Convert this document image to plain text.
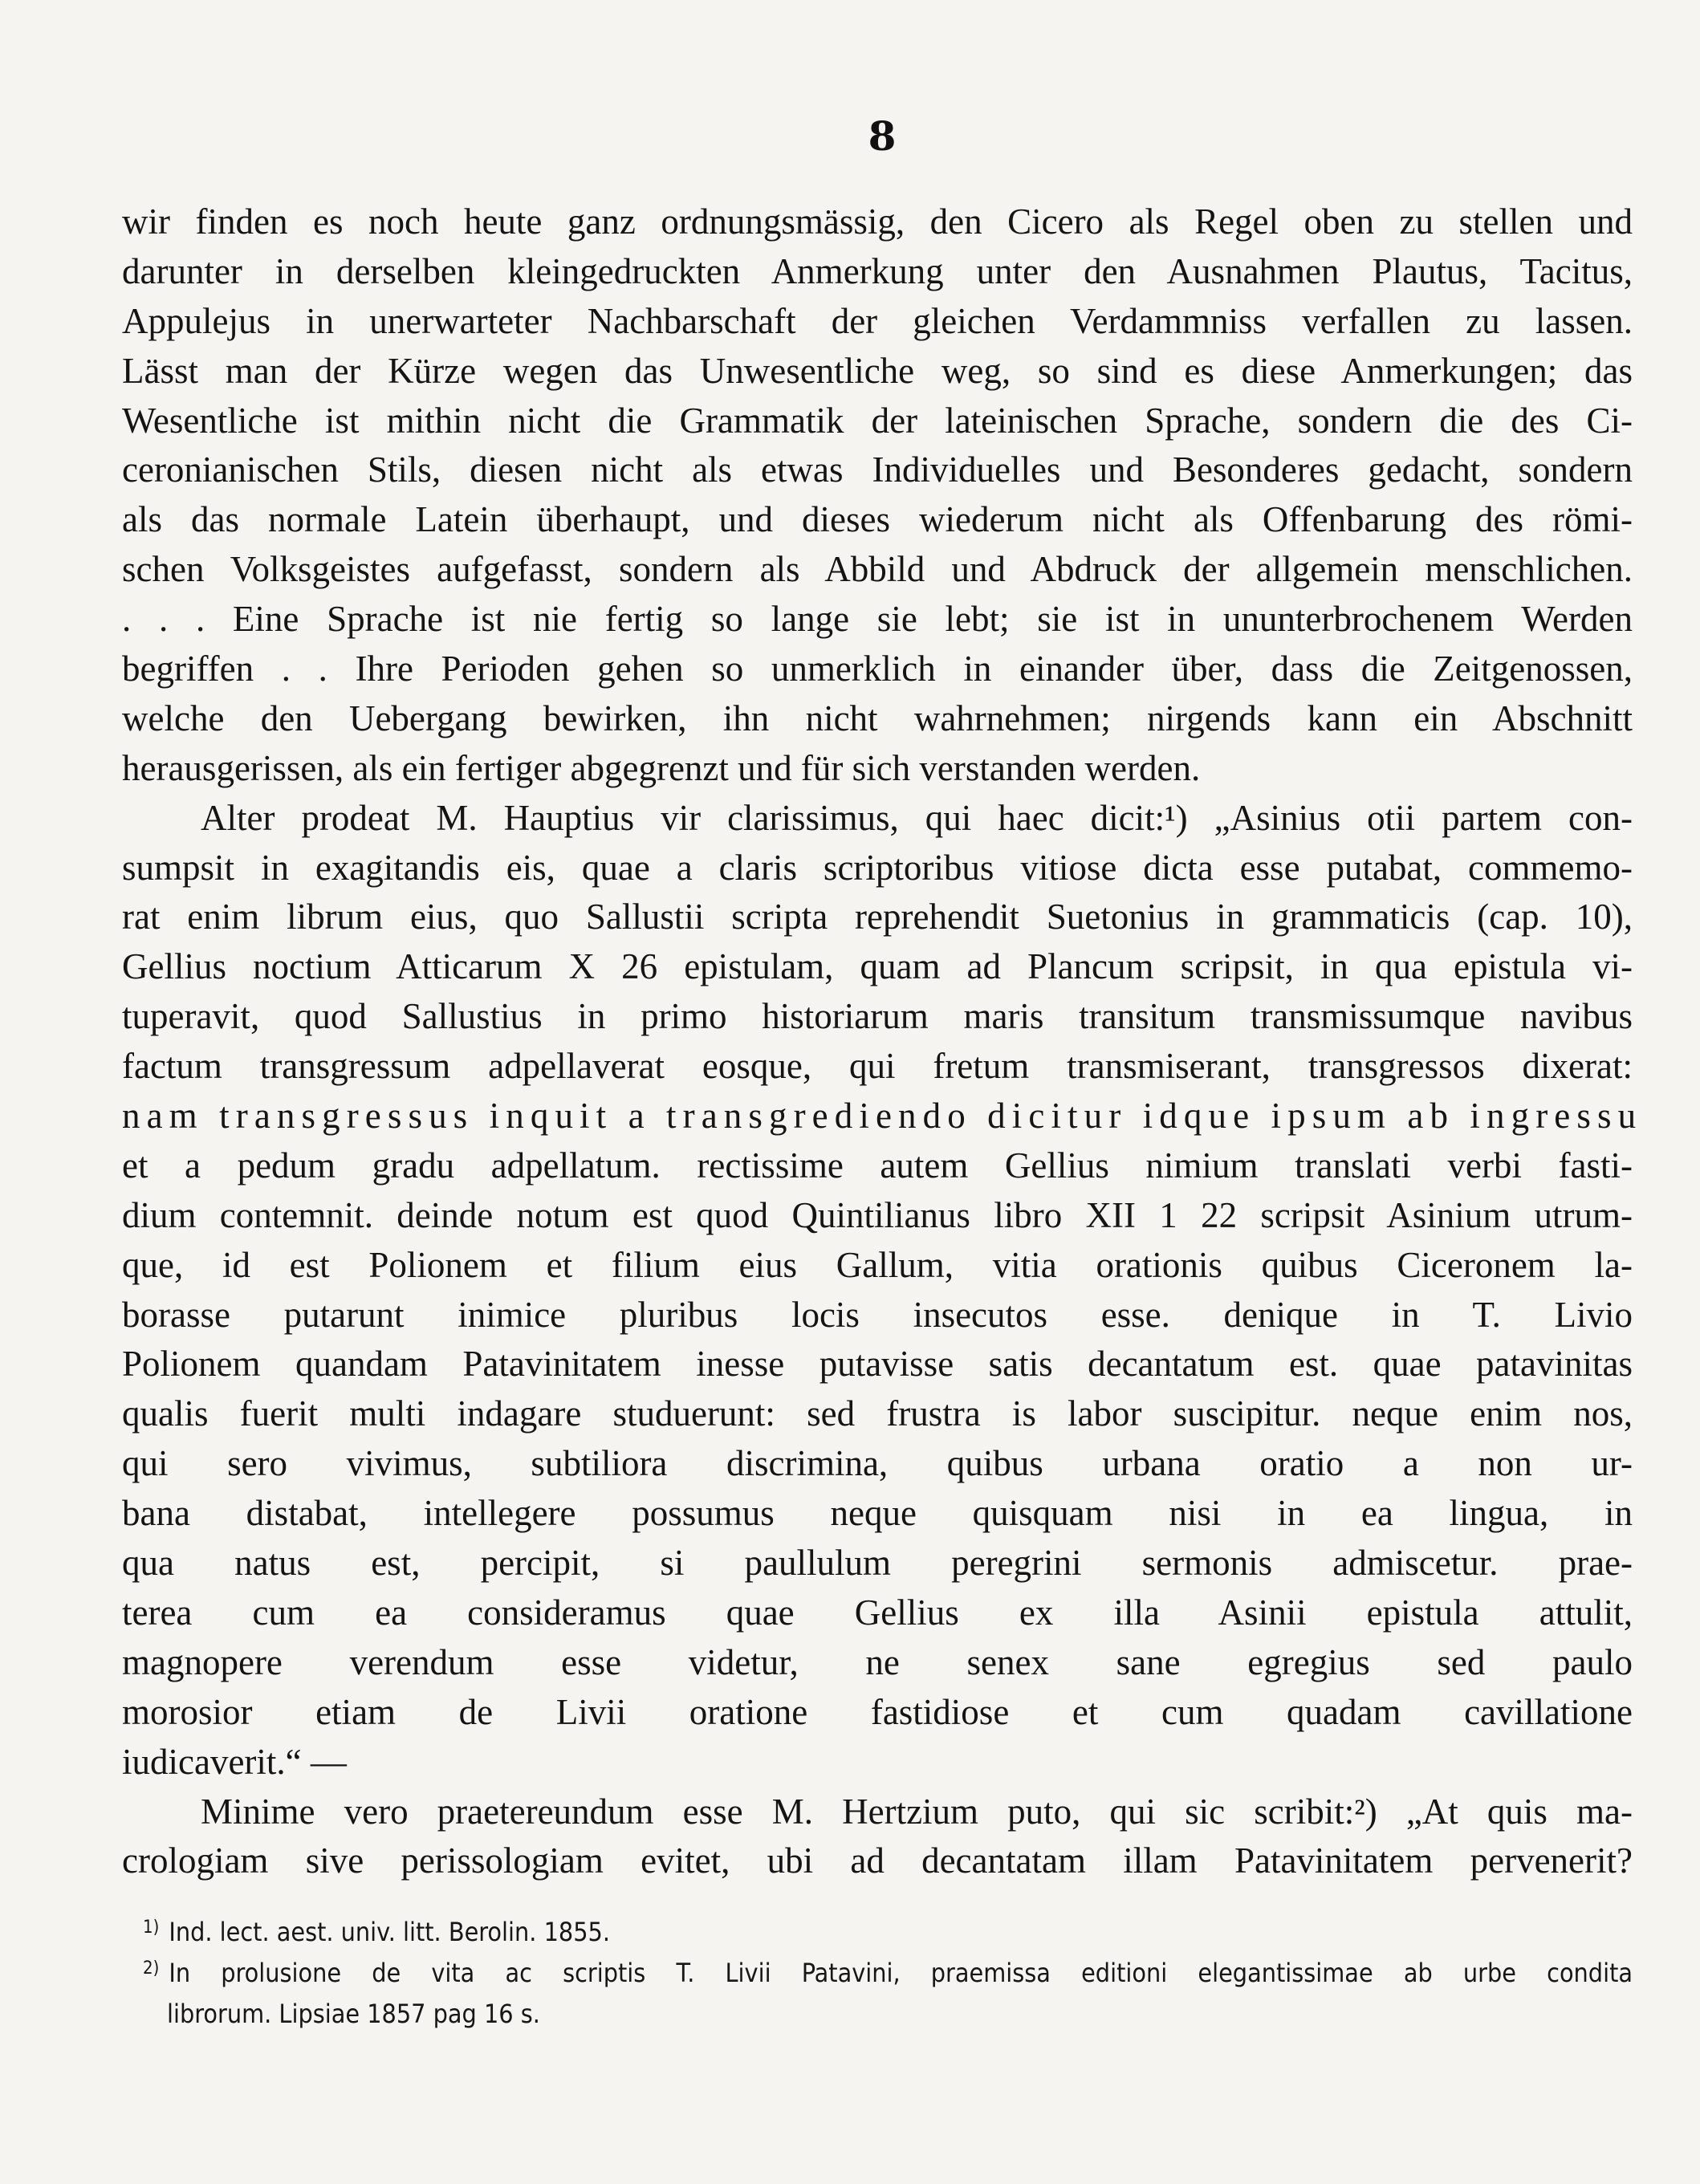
8
wir finden es noch heute ganz ordnungsmässig, den Cicero als Regel oben zu stellen und
darunter in derselben kleingedruckten Anmerkung unter den Ausnahmen Plautus, Tacitus,
Appulejus in unerwarteter Nachbarschaft der gleichen Verdammniss verfallen zu lassen.
Lässt man der Kürze wegen das Unwesentliche weg, so sind es diese Anmerkungen; das
Wesentliche ist mithin nicht die Grammatik der lateinischen Sprache, sondern die des Ci-
ceronianischen Stils, diesen nicht als etwas Individuelles und Besonderes gedacht, sondern
als das normale Latein überhaupt, und dieses wiederum nicht als Offenbarung des römi-
schen Volksgeistes aufgefasst, sondern als Abbild und Abdruck der allgemein menschlichen.
. . . Eine Sprache ist nie fertig so lange sie lebt; sie ist in ununterbrochenem Werden
begriffen . . Ihre Perioden gehen so unmerklich in einander über, dass die Zeitgenossen,
welche den Uebergang bewirken, ihn nicht wahrnehmen; nirgends kann ein Abschnitt
herausgerissen, als ein fertiger abgegrenzt und für sich verstanden werden.
Alter prodeat M. Hauptius vir clarissimus, qui haec dicit:¹) „Asinius otii partem con-
sumpsit in exagitandis eis, quae a claris scriptoribus vitiose dicta esse putabat, commemo-
rat enim librum eius, quo Sallustii scripta reprehendit Suetonius in grammaticis (cap. 10),
Gellius noctium Atticarum X 26 epistulam, quam ad Plancum scripsit, in qua epistula vi-
tuperavit, quod Sallustius in primo historiarum maris transitum transmissumque navibus
factum transgressum adpellaverat eosque, qui fretum transmiserant, transgressos dixerat:
nam transgressus inquit a transgrediendo dicitur idque ipsum ab ingressu
et a pedum gradu adpellatum. rectissime autem Gellius nimium translati verbi fasti-
dium contemnit. deinde notum est quod Quintilianus libro XII 1 22 scripsit Asinium utrum-
que, id est Polionem et filium eius Gallum, vitia orationis quibus Ciceronem la-
borasse putarunt inimice pluribus locis insecutos esse. denique in T. Livio
Polionem quandam Patavinitatem inesse putavisse satis decantatum est. quae patavinitas
qualis fuerit multi indagare studuerunt: sed frustra is labor suscipitur. neque enim nos,
qui sero vivimus, subtiliora discrimina, quibus urbana oratio a non ur-
bana distabat, intellegere possumus neque quisquam nisi in ea lingua, in
qua natus est, percipit, si paullulum peregrini sermonis admiscetur. prae-
terea cum ea consideramus quae Gellius ex illa Asinii epistula attulit,
magnopere verendum esse videtur, ne senex sane egregius sed paulo
morosior etiam de Livii oratione fastidiose et cum quadam cavillatione
iudicaverit.“ —
Minime vero praetereundum esse M. Hertzium puto, qui sic scribit:²) „At quis ma-
crologiam sive perissologiam evitet, ubi ad decantatam illam Patavinitatem pervenerit?
$^{1)}$ Ind. lect. aest. univ. litt. Berolin. 1855.
$^{2)}$ In prolusione de vita ac scriptis T. Livii Patavini, praemissa editioni elegantissimae ab urbe condita
librorum. Lipsiae 1857 pag 16 s.
